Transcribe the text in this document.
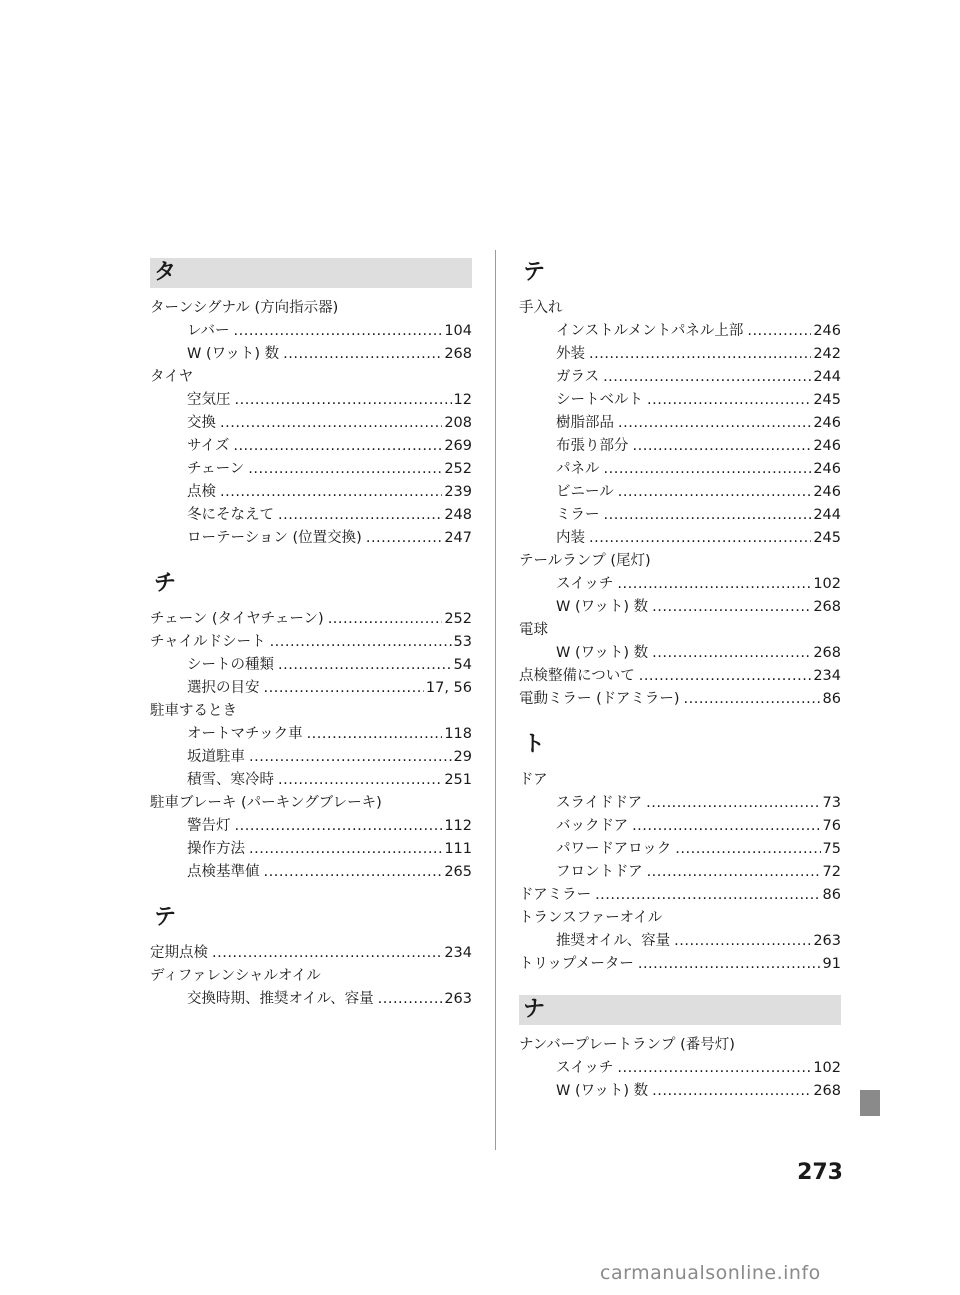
タ
ターンシグナル (方向指示器)
レバー .....	104
W (ワット) 数 .....	268
タイヤ
空気圧 .....	12
交換 .....	208
サイズ .....	269
チェーン .....	252
点検 .....	239
冬にそなえて .....	248
ローテーション (位置交換) .....	247
チ
チェーン (タイヤチェーン) .....	252
チャイルドシート .....	53
シートの種類 .....	54
選択の目安 .....	17, 56
駐車するとき
オートマチック車 .....	118
坂道駐車 .....	29
積雪、寒冷時 .....	251
駐車ブレーキ (パーキングブレーキ)
警告灯 .....	112
操作方法 .....	111
点検基準値 .....	265
テ
定期点検 .....	234
ディファレンシャルオイル
交換時期、推奨オイル、容量 .....	263
テ
手入れ
インストルメントパネル上部 .....	246
外装 .....	242
ガラス .....	244
シートベルト .....	245
樹脂部品 .....	246
布張り部分 .....	246
パネル .....	246
ビニール .....	246
ミラー .....	244
内装 .....	245
テールランプ (尾灯)
スイッチ .....	102
W (ワット) 数 .....	268
電球
W (ワット) 数 .....	268
点検整備について .....	234
電動ミラー (ドアミラー) .....	86
ト
ドア
スライドドア .....	73
バックドア .....	76
パワードアロック .....	75
フロントドア .....	72
ドアミラー .....	86
トランスファーオイル
推奨オイル、容量 .....	263
トリップメーター .....	91
ナ
ナンバープレートランプ (番号灯)
スイッチ .....	102
W (ワット) 数 .....	268
273
carmanualsonline.info
